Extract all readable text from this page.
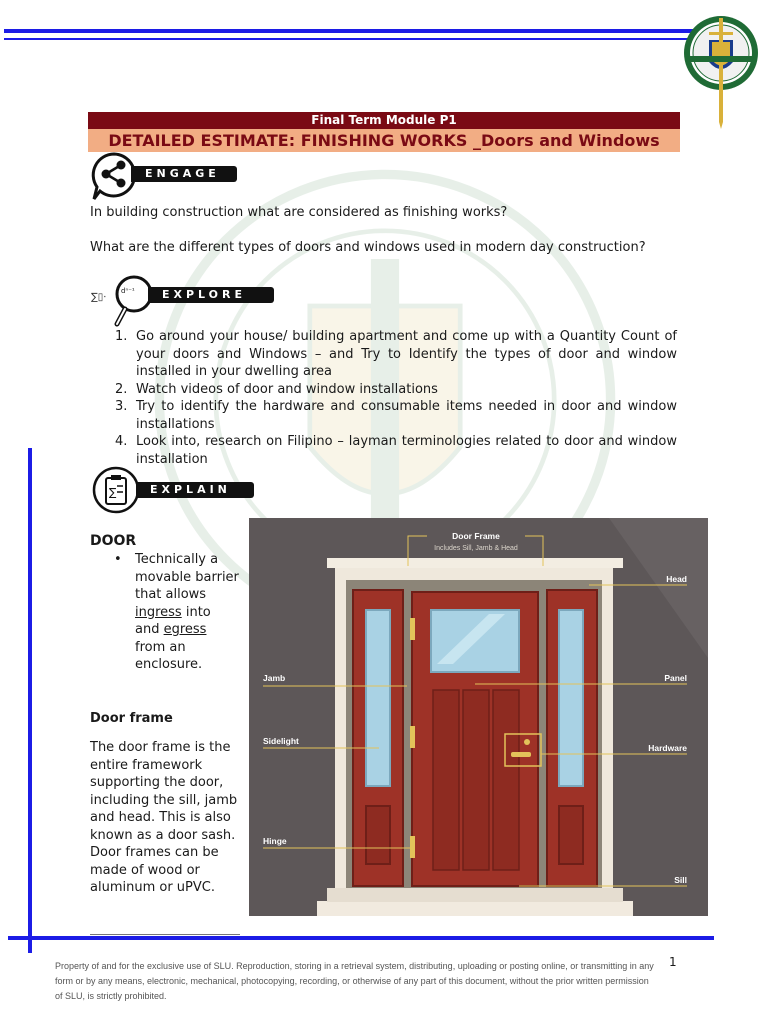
Final Term Module P1
DETAILED ESTIMATE: FINISHING WORKS _Doors and Windows
ENGAGE
In building construction what are considered as finishing works?
What are the different types of doors and windows used in modern day construction?
∑▯⋅
dⁿ⁻¹	EXPLORE
1. Go around your house/ building apartment and come up with a Quantity Count of your doors and Windows – and Try to Identify the types of door and window installed in your dwelling area
2. Watch videos of door and window installations
3. Try to identify the hardware and consumable items needed in door and window installations
4. Look into, research on Filipino – layman terminologies related to door and window installation
∑	EXPLAIN
DOOR
•	Technically a movable barrier that allows ingress into and egress from an enclosure.
Door frame
The door frame is the entire framework supporting the door, including the sill, jamb and head. This is also known as a door sash. Door frames can be made of wood or aluminum or uPVC.
Door Frame
Head
Jamb	Panel
Sidelight
Hardware
Hinge
Sill
Includes Sill, Jamb & Head
Property of and for the exclusive use of SLU. Reproduction, storing in a retrieval system, distributing, uploading or posting online, or transmitting in any form or by any means, electronic, mechanical, photocopying, recording, or otherwise of any part of this document, without the prior written permission of SLU, is strictly prohibited.
1
